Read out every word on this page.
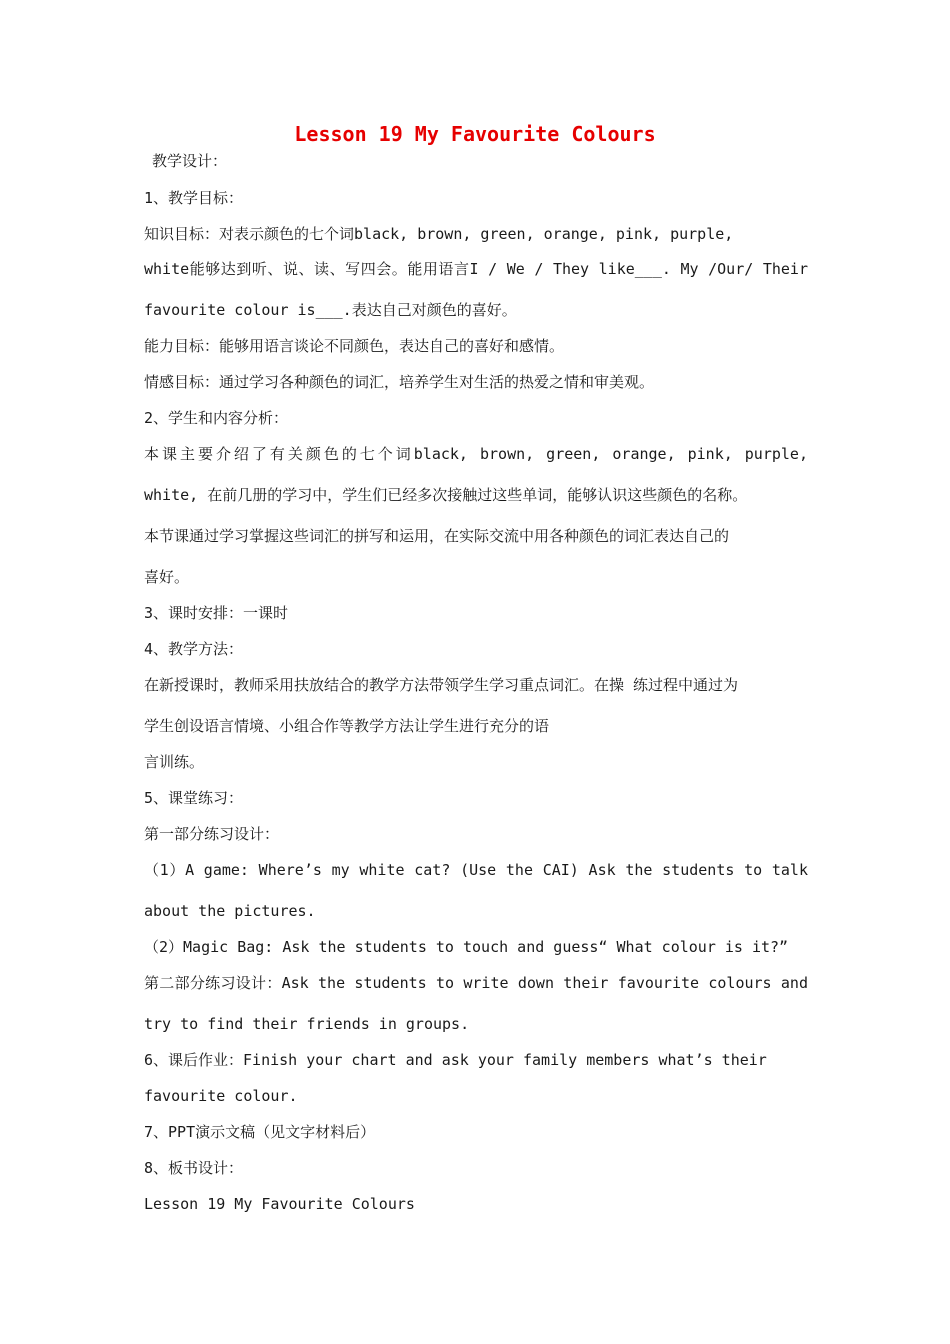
Lesson 19 My Favourite Colours
教学设计：
1、教学目标：
知识目标：对表示颜色的七个词black, brown, green, orange, pink, purple,
white能够达到听、说、读、写四会。能用语言I / We / They like___. My /Our/ Their
favourite colour is___.表达自己对颜色的喜好。
能力目标：能够用语言谈论不同颜色，表达自己的喜好和感情。
情感目标：通过学习各种颜色的词汇，培养学生对生活的热爱之情和审美观。
2、学生和内容分析：
本课主要介绍了有关颜色的七个词black, brown, green, orange, pink, purple,
white, 在前几册的学习中，学生们已经多次接触过这些单词，能够认识这些颜色的名称。
本节课通过学习掌握这些词汇的拼写和运用，在实际交流中用各种颜色的词汇表达自己的
喜好。
3、课时安排：一课时
4、教学方法：
在新授课时，教师采用扶放结合的教学方法带领学生学习重点词汇。在操 练过程中通过为
学生创设语言情境、小组合作等教学方法让学生进行充分的语
言训练。
5、课堂练习：
第一部分练习设计：
（1）A game: Where’s my white cat? (Use the CAI) Ask the students to talk
about the pictures.
（2）Magic Bag: Ask the students to touch and guess“ What colour is it?”
第二部分练习设计：Ask the students to write down their favourite colours and
try to find their friends in groups.
6、课后作业：Finish your chart and ask your family members what’s their
favourite colour.
7、PPT演示文稿（见文字材料后）
8、板书设计：
Lesson 19 My Favourite Colours
